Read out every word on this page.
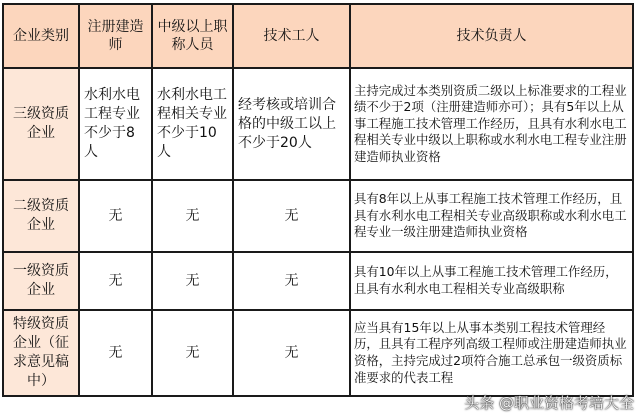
企业类别	注册建造师	中级以上职称人员	技术工人	技术负责人
三级资质企业	水利水电工程专业不少于8人	水利水电工程相关专业不少于10人	经考核或培训合格的中级工以上不少于20人	主持完成过本类别资质二级以上标准要求的工程业绩不少于2项（注册建造师亦可）；具有5年以上从事工程施工技术管理工作经历，且具有水利水电工程相关专业中级以上职称或水利水电工程专业注册建造师执业资格
二级资质企业	无	无	无	具有8年以上从事工程施工技术管理工作经历，且具有水利水电工程相关专业高级职称或水利水电工程专业一级注册建造师执业资格
一级资质企业	无	无	无	具有10年以上从事工程施工技术管理工作经历，且具有水利水电工程相关专业高级职称
特级资质企业（征求意见稿中）	无	无	无	应当具有15年以上从事本类别工程技术管理经历，且具有工程序列高级工程师或注册建造师执业资格，主持完成过2项符合施工总承包一级资质标准要求的代表工程
头条 @职业资格考培大全
